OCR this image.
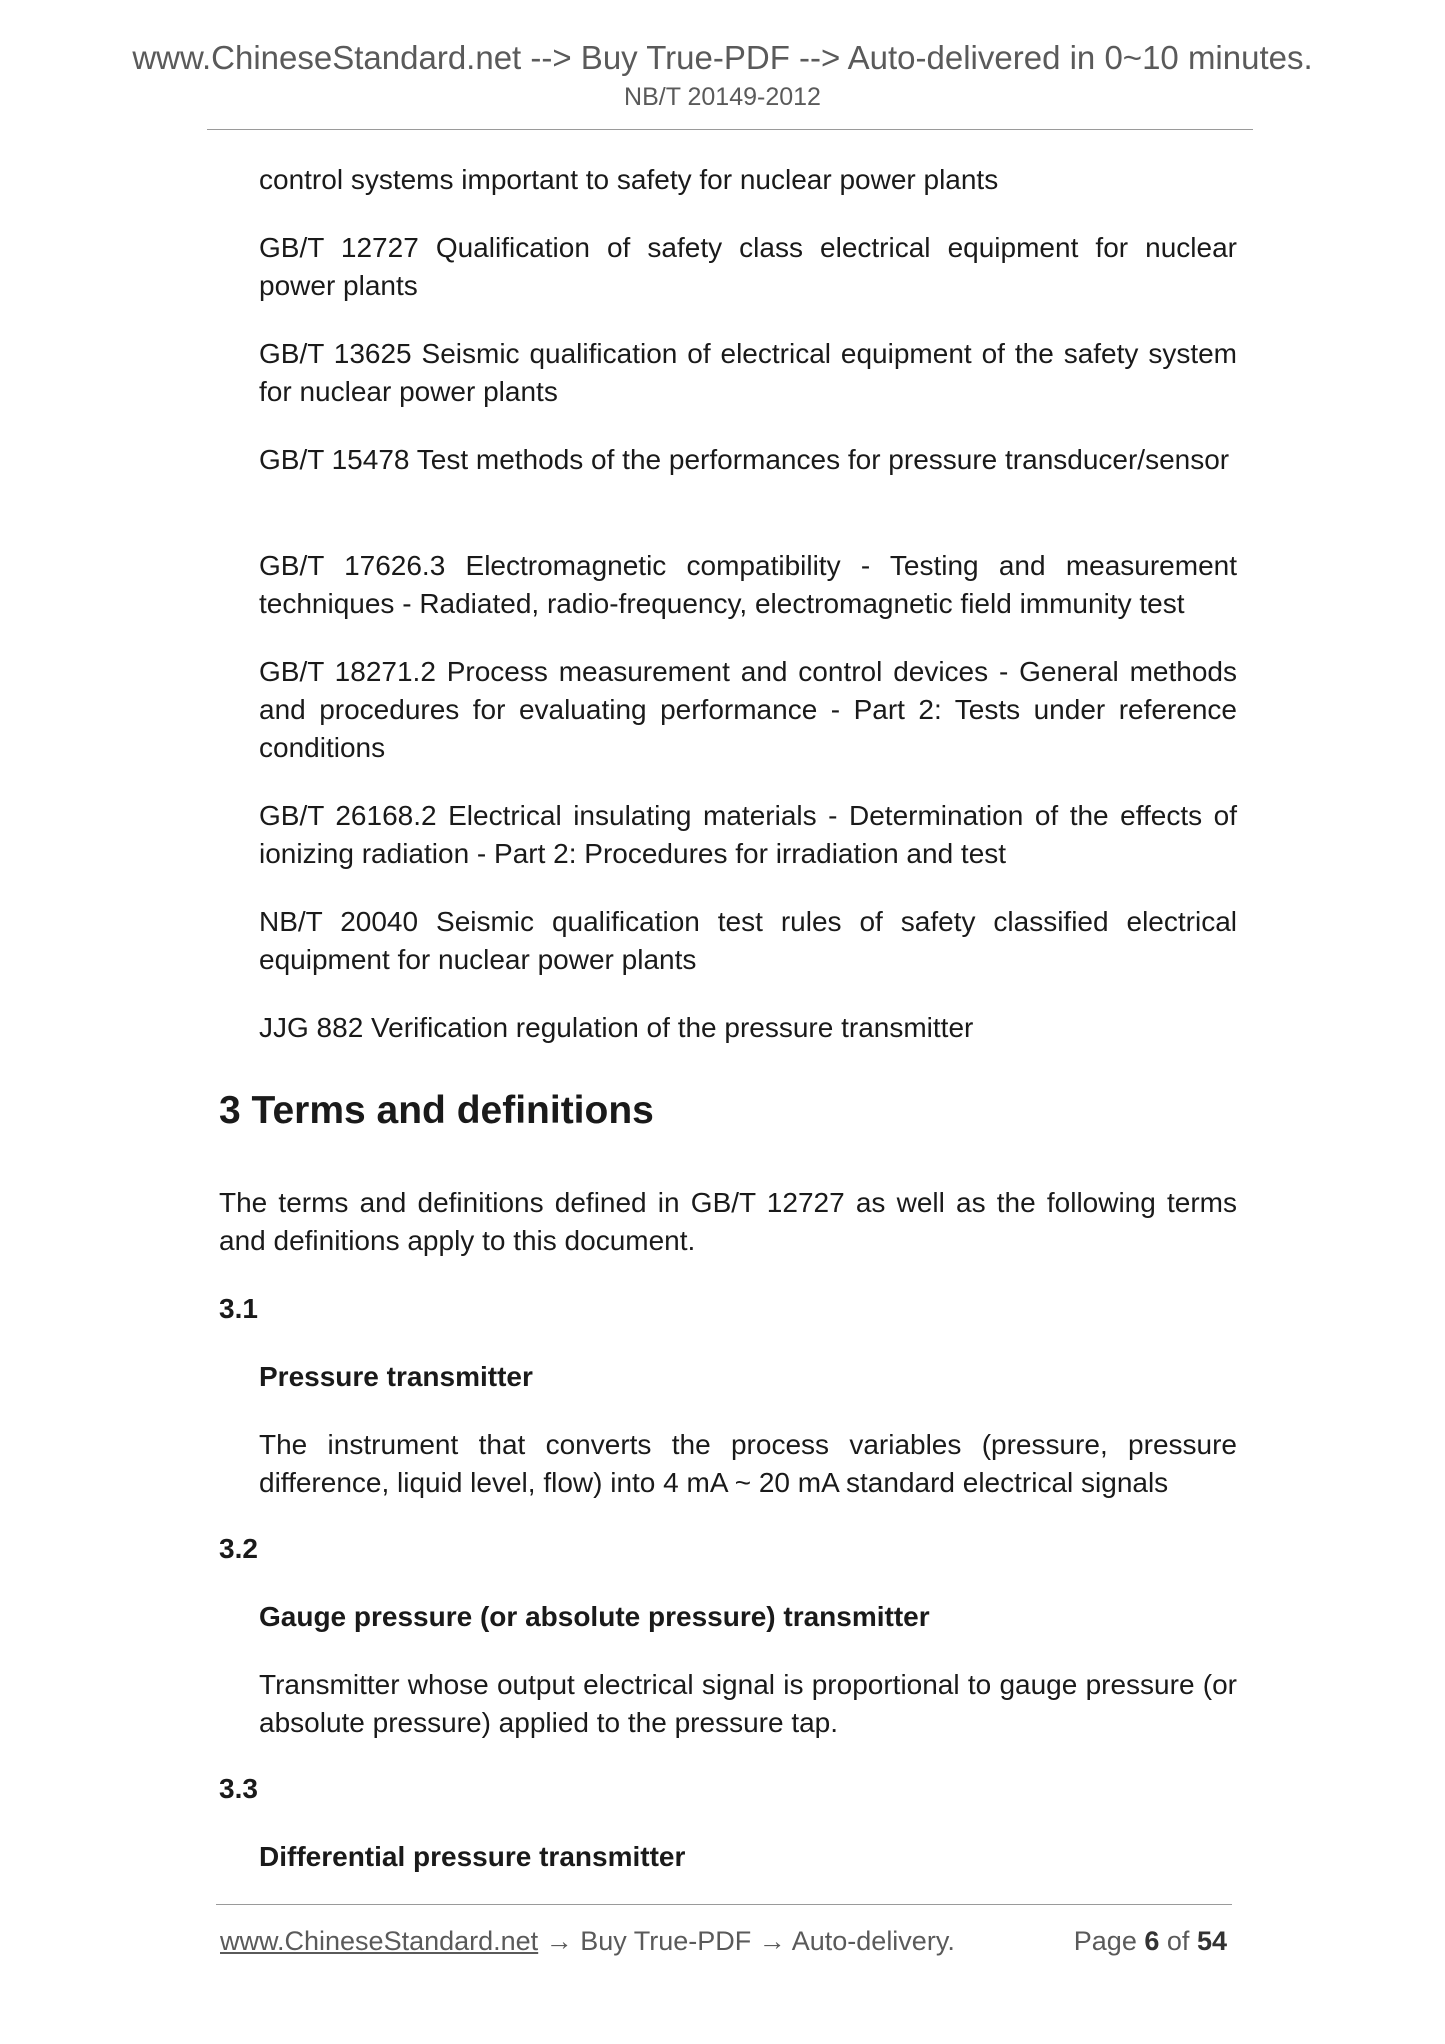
www.ChineseStandard.net --> Buy True-PDF --> Auto-delivered in 0~10 minutes.
NB/T 20149-2012

control systems important to safety for nuclear power plants

GB/T 12727 Qualification of safety class electrical equipment for nuclear power plants

GB/T 13625 Seismic qualification of electrical equipment of the safety system for nuclear power plants

GB/T 15478 Test methods of the performances for pressure transducer/sensor

GB/T 17626.3 Electromagnetic compatibility - Testing and measurement techniques - Radiated, radio-frequency, electromagnetic field immunity test

GB/T 18271.2 Process measurement and control devices - General methods and procedures for evaluating performance - Part 2: Tests under reference conditions

GB/T 26168.2 Electrical insulating materials - Determination of the effects of ionizing radiation - Part 2: Procedures for irradiation and test

NB/T 20040 Seismic qualification test rules of safety classified electrical equipment for nuclear power plants

JJG 882 Verification regulation of the pressure transmitter

3 Terms and definitions

The terms and definitions defined in GB/T 12727 as well as the following terms and definitions apply to this document.

3.1

Pressure transmitter

The instrument that converts the process variables (pressure, pressure difference, liquid level, flow) into 4 mA ~ 20 mA standard electrical signals

3.2

Gauge pressure (or absolute pressure) transmitter

Transmitter whose output electrical signal is proportional to gauge pressure (or absolute pressure) applied to the pressure tap.

3.3

Differential pressure transmitter

www.ChineseStandard.net → Buy True-PDF → Auto-delivery.	Page 6 of 54
